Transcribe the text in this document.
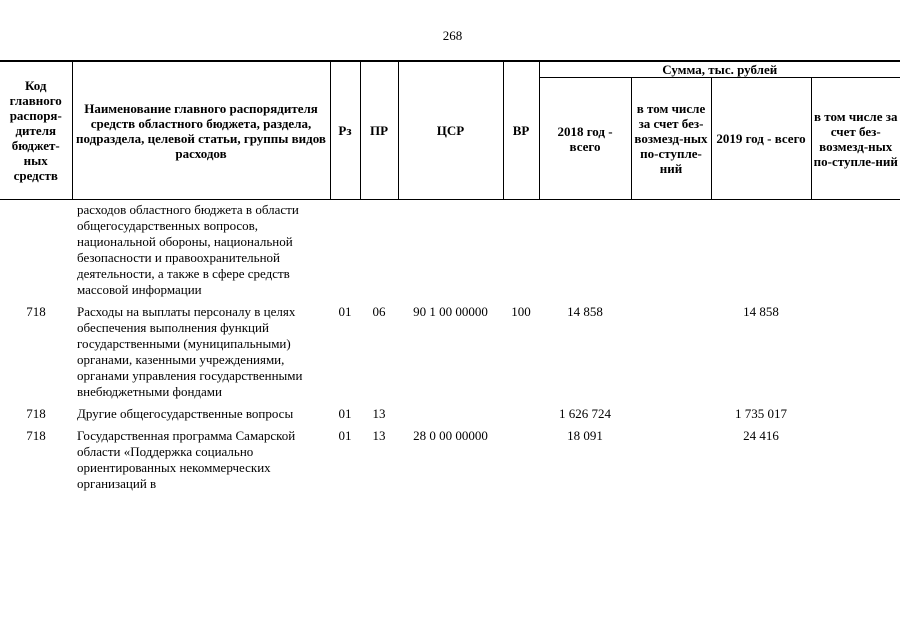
268
Код главного распоря-дителя бюджет-ных средств	Наименование главного распорядителя средств областного бюджета, раздела, подраздела, целевой статьи, группы видов расходов	Рз	ПР	ЦСР	ВР	Сумма, тыс. рублей			
						2018 год - всего	в том числе за счет без-возмезд-ных по-ступле-ний	2019 год - всего	в том числе за счет без-возмезд-ных по-ступле-ний
	расходов областного бюджета в области общегосударственных вопросов, национальной обороны, национальной безопасности и правоохранительной деятельности, а также в сфере средств массовой информации								
718	Расходы на выплаты персоналу в целях обеспечения выполнения функций государственными (муниципальными) органами, казенными учреждениями, органами управления государственными внебюджетными фондами	01	06	90 1 00 00000	100	14 858		14 858	
718	Другие общегосударственные вопросы	01	13			1 626 724		1 735 017	
718	Государственная программа Самарской области «Поддержка социально ориентированных некоммерческих организаций в	01	13	28 0 00 00000		18 091		24 416	
